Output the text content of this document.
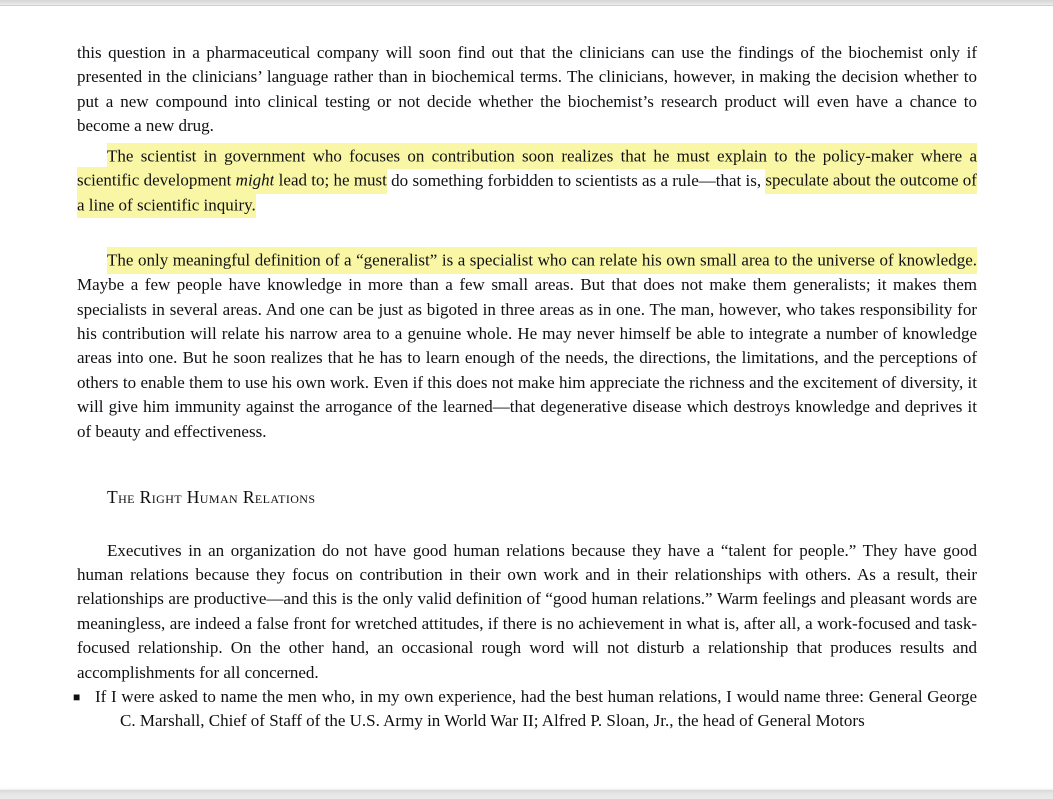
this question in a pharmaceutical company will soon find out that the clinicians can use the findings of the biochemist only if presented in the clinicians’ language rather than in biochemical terms. The clinicians, however, in making the decision whether to put a new compound into clinical testing or not decide whether the biochemist’s research product will even have a chance to become a new drug.

The scientist in government who focuses on contribution soon realizes that he must explain to the policy-maker where a scientific development might lead to; he must do something forbidden to scientists as a rule—that is, speculate about the outcome of a line of scientific inquiry.

The only meaningful definition of a “generalist” is a specialist who can relate his own small area to the universe of knowledge. Maybe a few people have knowledge in more than a few small areas. But that does not make them generalists; it makes them specialists in several areas. And one can be just as bigoted in three areas as in one. The man, however, who takes responsibility for his contribution will relate his narrow area to a genuine whole. He may never himself be able to integrate a number of knowledge areas into one. But he soon realizes that he has to learn enough of the needs, the directions, the limitations, and the perceptions of others to enable them to use his own work. Even if this does not make him appreciate the richness and the excitement of diversity, it will give him immunity against the arrogance of the learned—that degenerative disease which destroys knowledge and deprives it of beauty and effectiveness.

The Right Human Relations

Executives in an organization do not have good human relations because they have a “talent for people.” They have good human relations because they focus on contribution in their own work and in their relationships with others. As a result, their relationships are productive—and this is the only valid definition of “good human relations.” Warm feelings and pleasant words are meaningless, are indeed a false front for wretched attitudes, if there is no achievement in what is, after all, a work-focused and task-focused relationship. On the other hand, an occasional rough word will not disturb a relationship that produces results and accomplishments for all concerned.

■ If I were asked to name the men who, in my own experience, had the best human relations, I would name three: General George C. Marshall, Chief of Staff of the U.S. Army in World War II; Alfred P. Sloan, Jr., the head of General Motors
